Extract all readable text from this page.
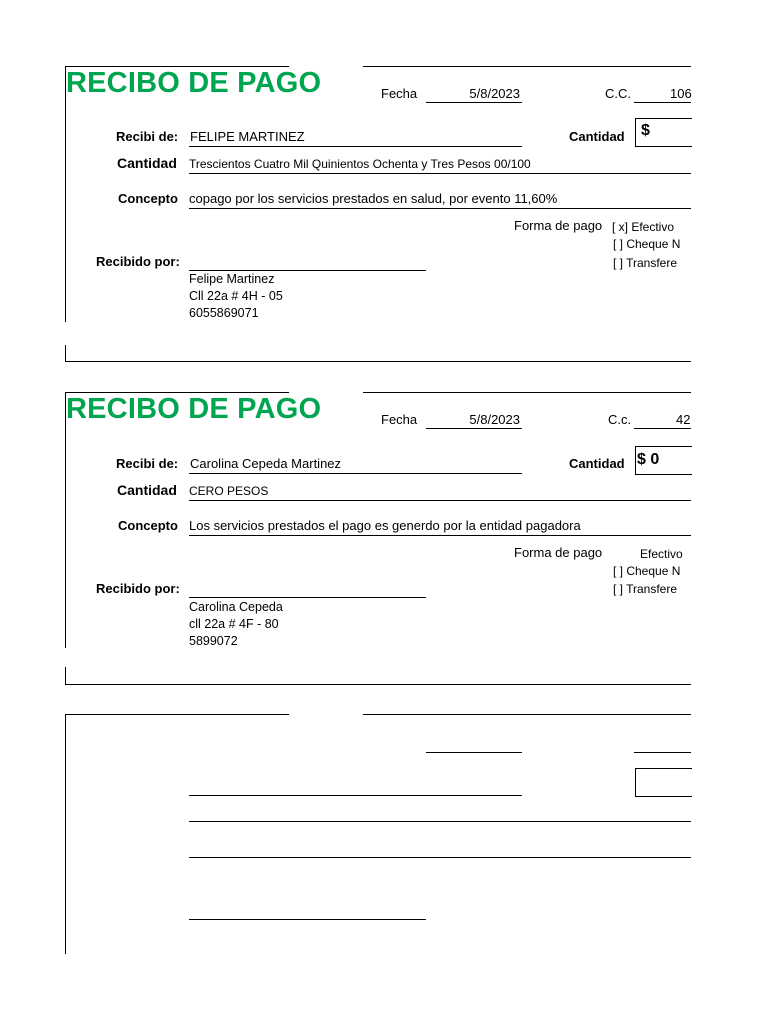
RECIBO DE PAGO	Fecha	5/8/2023	C.C.	106
Recibi de: FELIPE MARTINEZ	Cantidad $
Cantidad Trescientos Cuatro Mil Quinientos Ochenta y Tres Pesos 00/100
Concepto copago por los servicios prestados en salud, por evento 11,60%
Forma de pago [ x] Efectivo
[ ] Cheque N
[ ] Transfere
Recibido por:
Felipe Martinez
Cll 22a # 4H - 05
6055869071
RECIBO DE PAGO	Fecha	5/8/2023	C.c.	42
Recibi de: Carolina Cepeda Martinez	Cantidad $ 0
Cantidad CERO PESOS
Concepto Los servicios prestados el pago es generdo por la entidad pagadora
Forma de pago	Efectivo
[ ] Cheque N
[ ] Transfere
Recibido por:
Carolina Cepeda
cll 22a # 4F - 80
5899072
